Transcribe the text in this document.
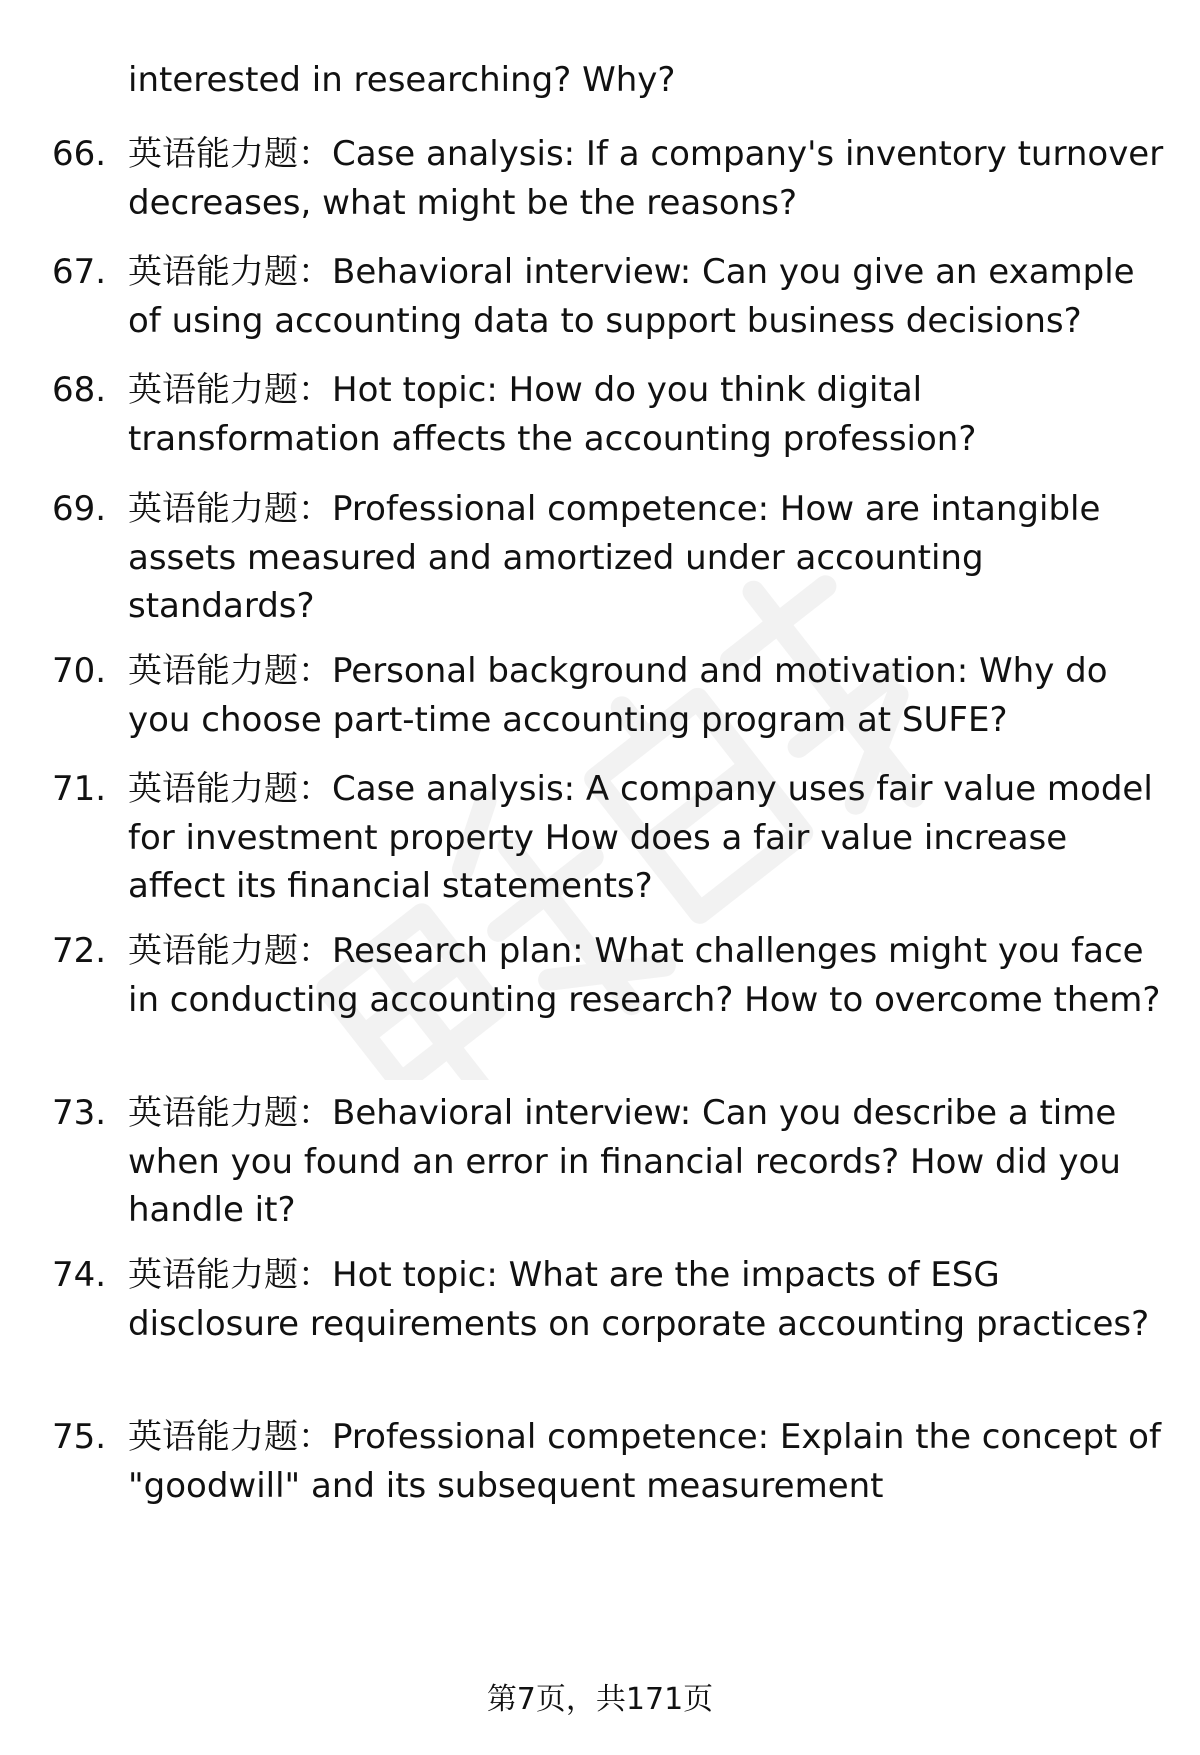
interested in researching? Why?

66. 英语能力题：Case analysis: If a company's inventory turnover decreases, what might be the reasons?

67. 英语能力题：Behavioral interview: Can you give an example of using accounting data to support business decisions?

68. 英语能力题：Hot topic: How do you think digital transformation affects the accounting profession?

69. 英语能力题：Professional competence: How are intangible assets measured and amortized under accounting standards?

70. 英语能力题：Personal background and motivation: Why do you choose part-time accounting program at SUFE?

71. 英语能力题：Case analysis: A company uses fair value model for investment property How does a fair value increase affect its financial statements?

72. 英语能力题：Research plan: What challenges might you face in conducting accounting research? How to overcome them?

73. 英语能力题：Behavioral interview: Can you describe a time when you found an error in financial records? How did you handle it?

74. 英语能力题：Hot topic: What are the impacts of ESG disclosure requirements on corporate accounting practices?

75. 英语能力题：Professional competence: Explain the concept of "goodwill" and its subsequent measurement

第7页，共171页
